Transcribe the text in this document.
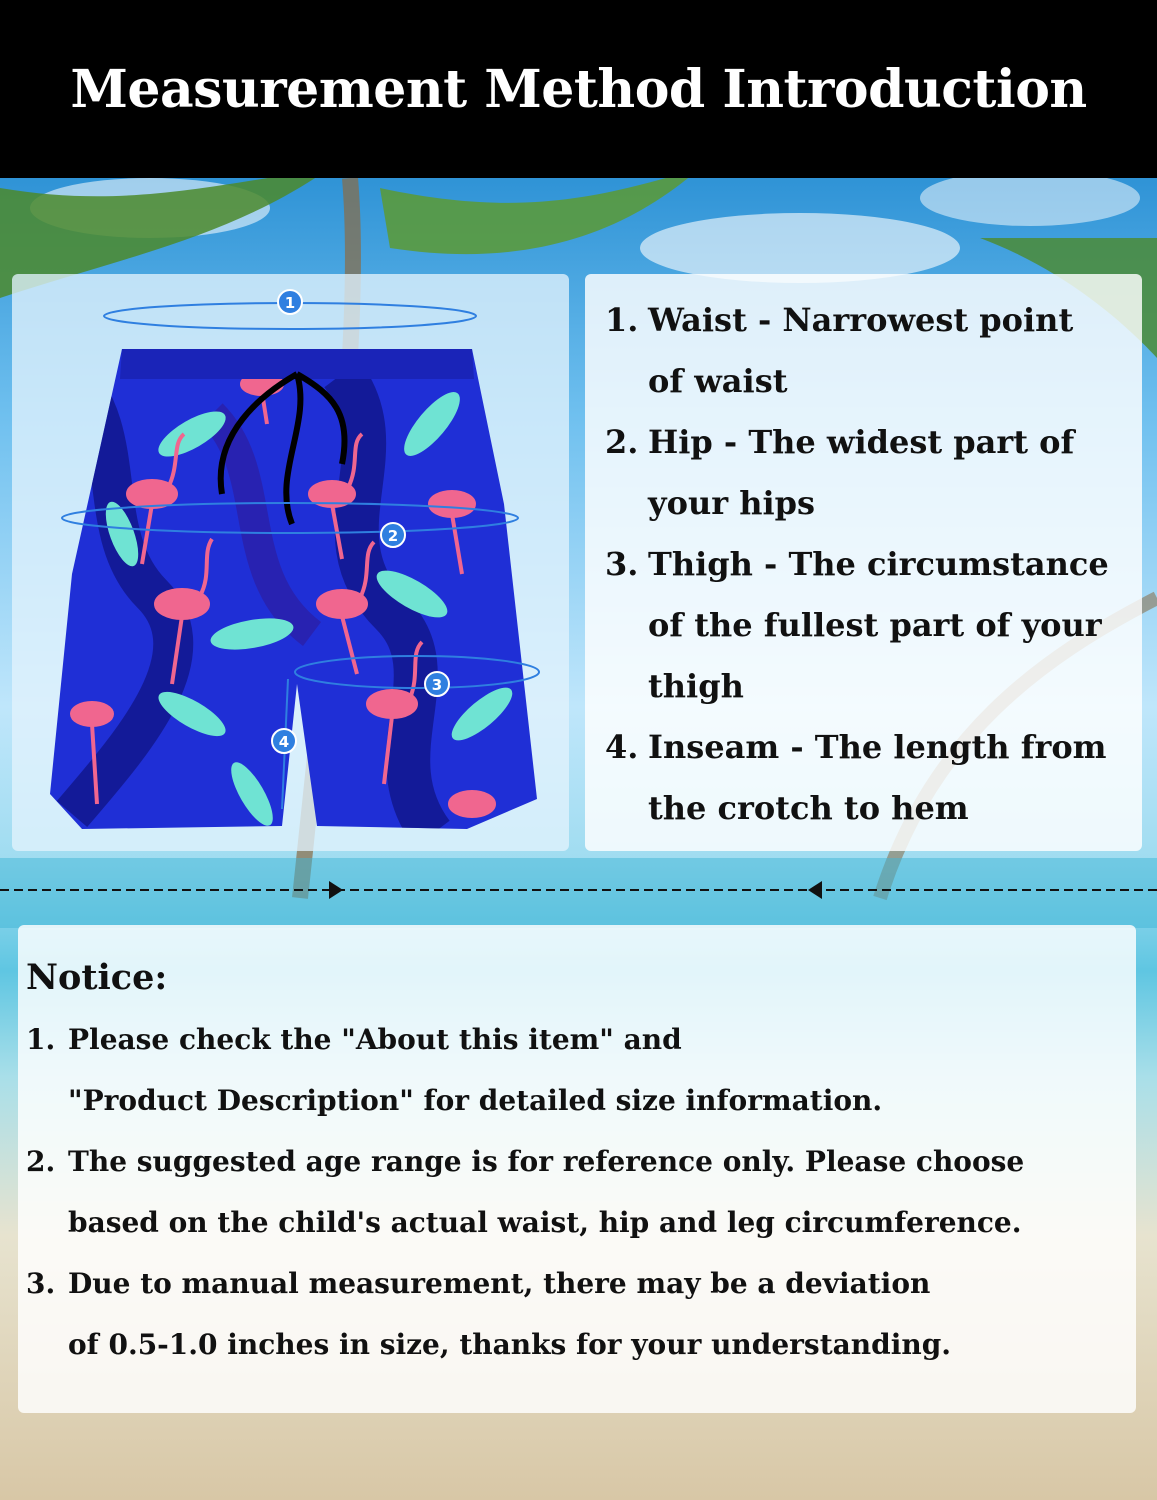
Measurement Method Introduction
1
2
3
4
1. Waist - Narrowest point
of waist
2. Hip - The widest part of
your hips
3. Thigh - The circumstance
of the fullest part of your
thigh
4. Inseam - The length from
the crotch to hem
Notice:
1. Please check the "About this item" and
"Product Description" for detailed size information.
2. The suggested age range is for reference only. Please choose
based on the child's actual waist, hip and leg circumference.
3. Due to manual measurement, there may be a deviation
of 0.5-1.0 inches in size, thanks for your understanding.
